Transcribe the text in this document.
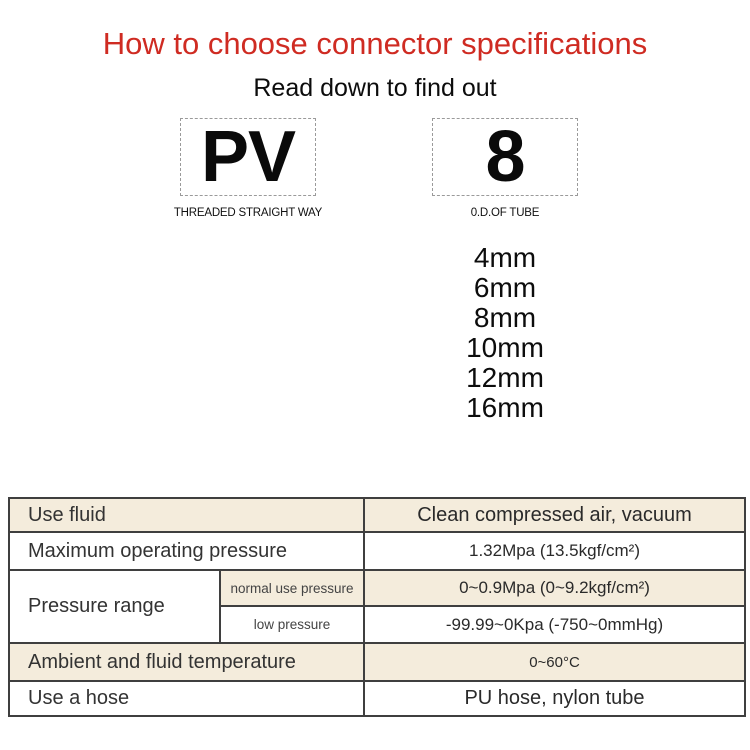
How to choose connector specifications
Read down to find out
PV
THREADED STRAIGHT WAY
8
0.D.OF TUBE
4mm
6mm
8mm
10mm
12mm
16mm
Use fluid		Clean compressed air, vacuum
Maximum operating pressure		1.32Mpa (13.5kgf/cm²)
Pressure range	normal use pressure	0~0.9Mpa (0~9.2kgf/cm²)
	low pressure	-99.99~0Kpa (-750~0mmHg)
Ambient and fluid temperature		0~60°C
Use a hose		PU hose, nylon tube
